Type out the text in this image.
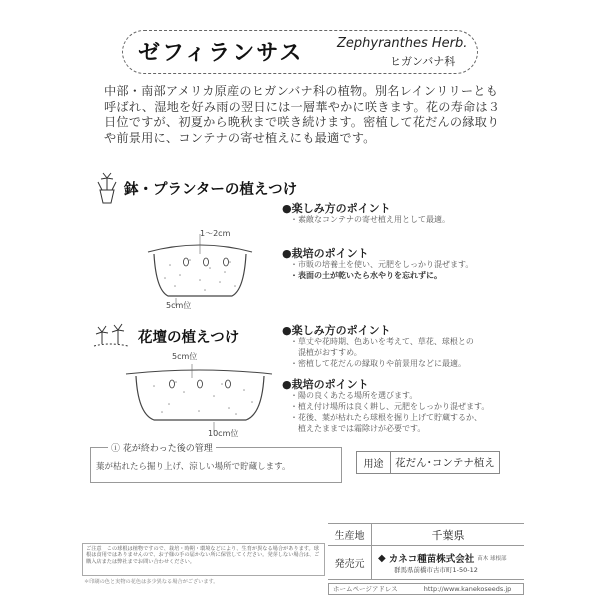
ゼフィランサス	Zephyranthes Herb.
ヒガンバナ科
中部・南部アメリカ原産のヒガンバナ科の植物。別名レインリリーとも呼ばれ、湿地を好み雨の翌日には一層華やかに咲きます。花の寿命は３日位ですが、初夏から晩秋まで咲き続けます。密植して花だんの縁取りや前景用に、コンテナの寄せ植えにも最適です。
鉢・プランターの植えつけ
1〜2cm
5cm位
●楽しみ方のポイント
・素敵なコンテナの寄せ植え用として最適。
●栽培のポイント
・市販の培養土を使い、元肥をしっかり混ぜます。
・表面の土が乾いたら水やりを忘れずに。
花壇の植えつけ
5cm位
10cm位
●楽しみ方のポイント
・草丈や花時期、色あいを考えて、草花、球根との
　混植がおすすめ。
・密植して花だんの縁取りや前景用などに最適。
●栽培のポイント
・陽の良くあたる場所を選びます。
・植え付け場所は良く耕し、元肥をしっかり混ぜます。
・花後、葉が枯れたら球根を掘り上げて貯蔵するか、
　植えたままでは霜除けが必要です。
ⓘ 花が終わった後の管理
葉が枯れたら掘り上げ、涼しい場所で貯蔵します。	用途	花だん･コンテナ植え
生産地	千葉県
発売元
◆ カネコ種苗株式会社 苗木 球根部
群馬県前橋市古市町1-50-12
ご注意　この球根は植物ですので、栽培・時期・環境などにより、生育が異なる場合があります。球根は食用ではありませんので、お子様の手の届かない所に保管してください。発芽しない場合は、ご購入店または弊社までお問い合わせください。
＊印刷の色と実物の花色は多少異なる場合がございます。
ホームページアドレス	http://www.kanekoseeds.jp
